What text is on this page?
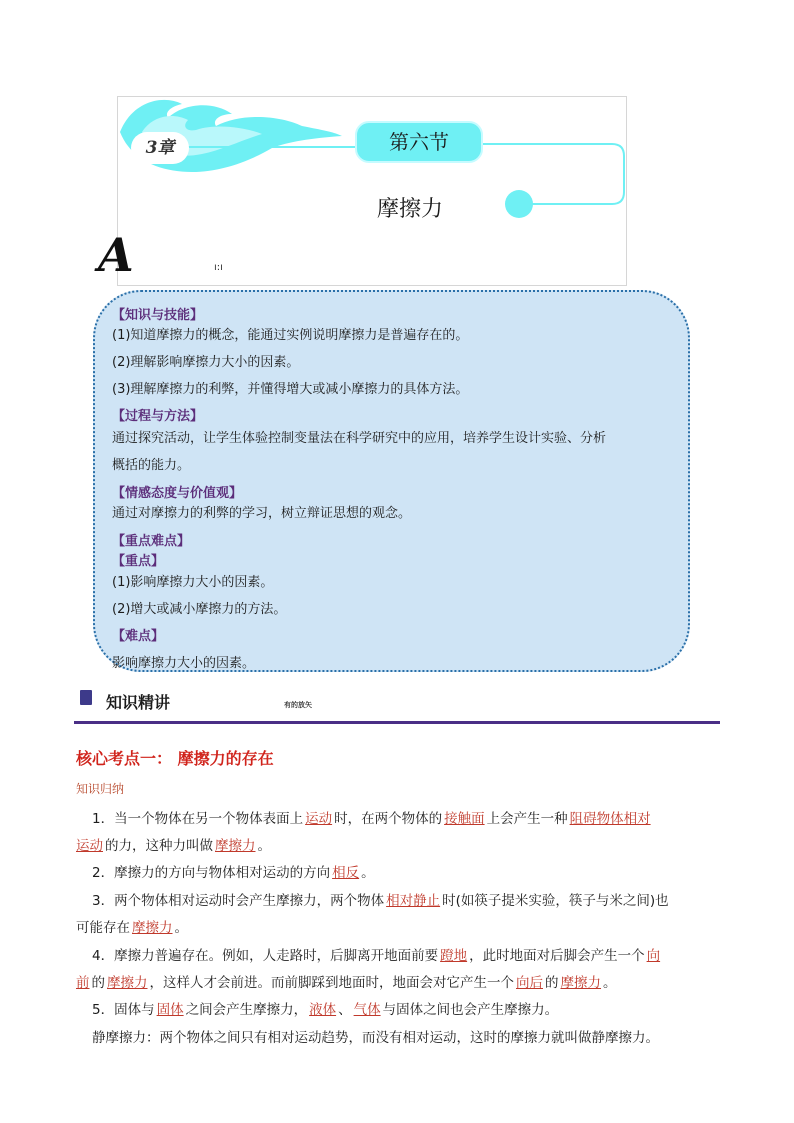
3章	第六节
摩擦力
A	ı:ı
【知识与技能】
(1)知道摩擦力的概念，能通过实例说明摩擦力是普遍存在的。
(2)理解影响摩擦力大小的因素。
(3)理解摩擦力的利弊，并懂得增大或减小摩擦力的具体方法。
【过程与方法】
通过探究活动，让学生体验控制变量法在科学研究中的应用，培养学生设计实验、分析
概括的能力。
【情感态度与价值观】
通过对摩擦力的利弊的学习，树立辩证思想的观念。
【重点难点】
【重点】
(1)影响摩擦力大小的因素。
(2)增大或减小摩擦力的方法。
【难点】
影响摩擦力大小的因素。
知识精讲	有的放矢
核心考点一： 摩擦力的存在
知识归纳
1．当一个物体在另一个物体表面上 运动 时，在两个物体的 接触面 上会产生一种 阻碍物体相对
运动 的力，这种力叫做 摩擦力 。
2．摩擦力的方向与物体相对运动的方向 相反 。
3．两个物体相对运动时会产生摩擦力，两个物体 相对静止 时(如筷子提米实验，筷子与米之间)也
可能存在 摩擦力 。
4．摩擦力普遍存在。例如，人走路时，后脚离开地面前要 蹬地 ，此时地面对后脚会产生一个 向
前 的 摩擦力 ，这样人才会前进。而前脚踩到地面时，地面会对它产生一个 向后 的 摩擦力 。
5．固体与 固体 之间会产生摩擦力， 液体 、 气体 与固体之间也会产生摩擦力。
静摩擦力：两个物体之间只有相对运动趋势，而没有相对运动，这时的摩擦力就叫做静摩擦力。
